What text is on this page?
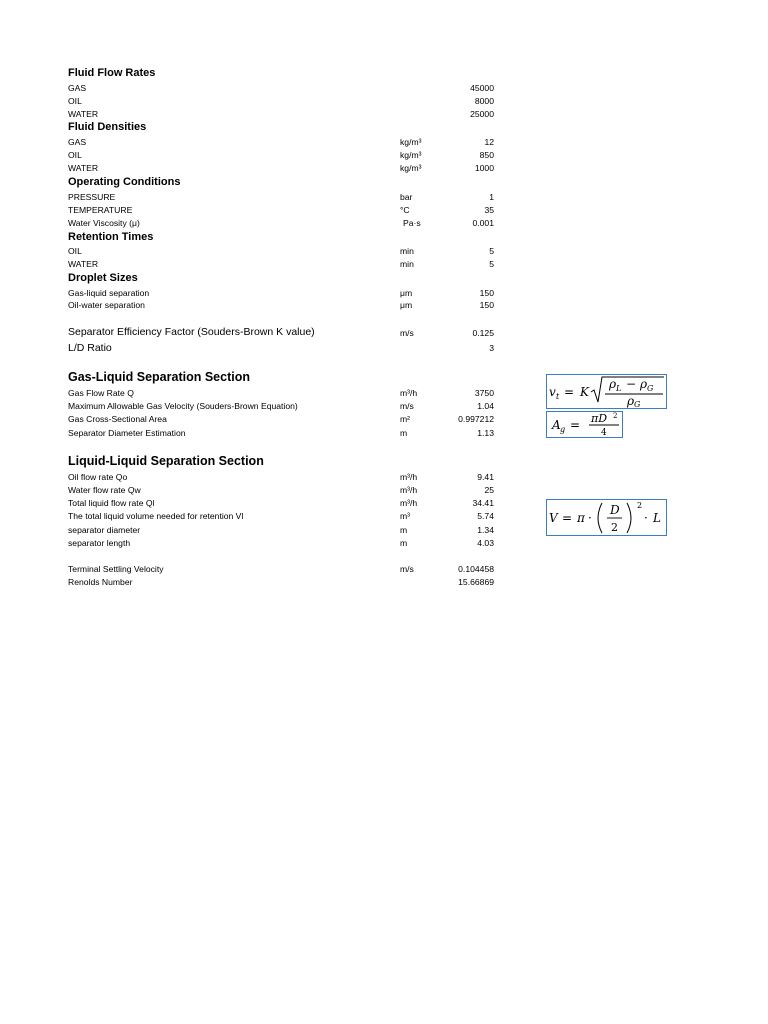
Fluid Flow Rates
GAS	45000
OIL	8000
WATER	25000
Fluid Densities
GAS	kg/m³	12
OIL	kg/m³	850
WATER	kg/m³	1000
Operating Conditions
PRESSURE	bar	1
TEMPERATURE	°C	35
Water Viscosity (μ)	Pa·s	0.001
Retention Times
OIL	min	5
WATER	min	5
Droplet Sizes
Gas-liquid separation	μm	150
Oil-water separation	μm	150
Separator Efficiency Factor (Souders-Brown K value)	m/s	0.125
L/D Ratio	3
Gas-Liquid Separation Section
Gas Flow Rate Q	m³/h	3750
Maximum Allowable Gas Velocity (Souders-Brown Equation)	m/s	1.04
Gas Cross-Sectional Area	m²	0.997212
Separator Diameter Estimation	m	1.13
Liquid-Liquid Separation Section
Oil flow rate Qo	m³/h	9.41
Water flow rate Qw	m³/h	25
Total liquid flow rate Ql	m³/h	34.41
The total liquid volume needed for retention Vl	m³	5.74
separator diameter	m	1.34
separator length	m	4.03
Terminal Settling Velocity	m/s	0.104458
Renolds Number	15.66869
v t = K
ρ L − ρ G
ρ G
A g = πD 2
4
V = π ·
D
2
2
· L
